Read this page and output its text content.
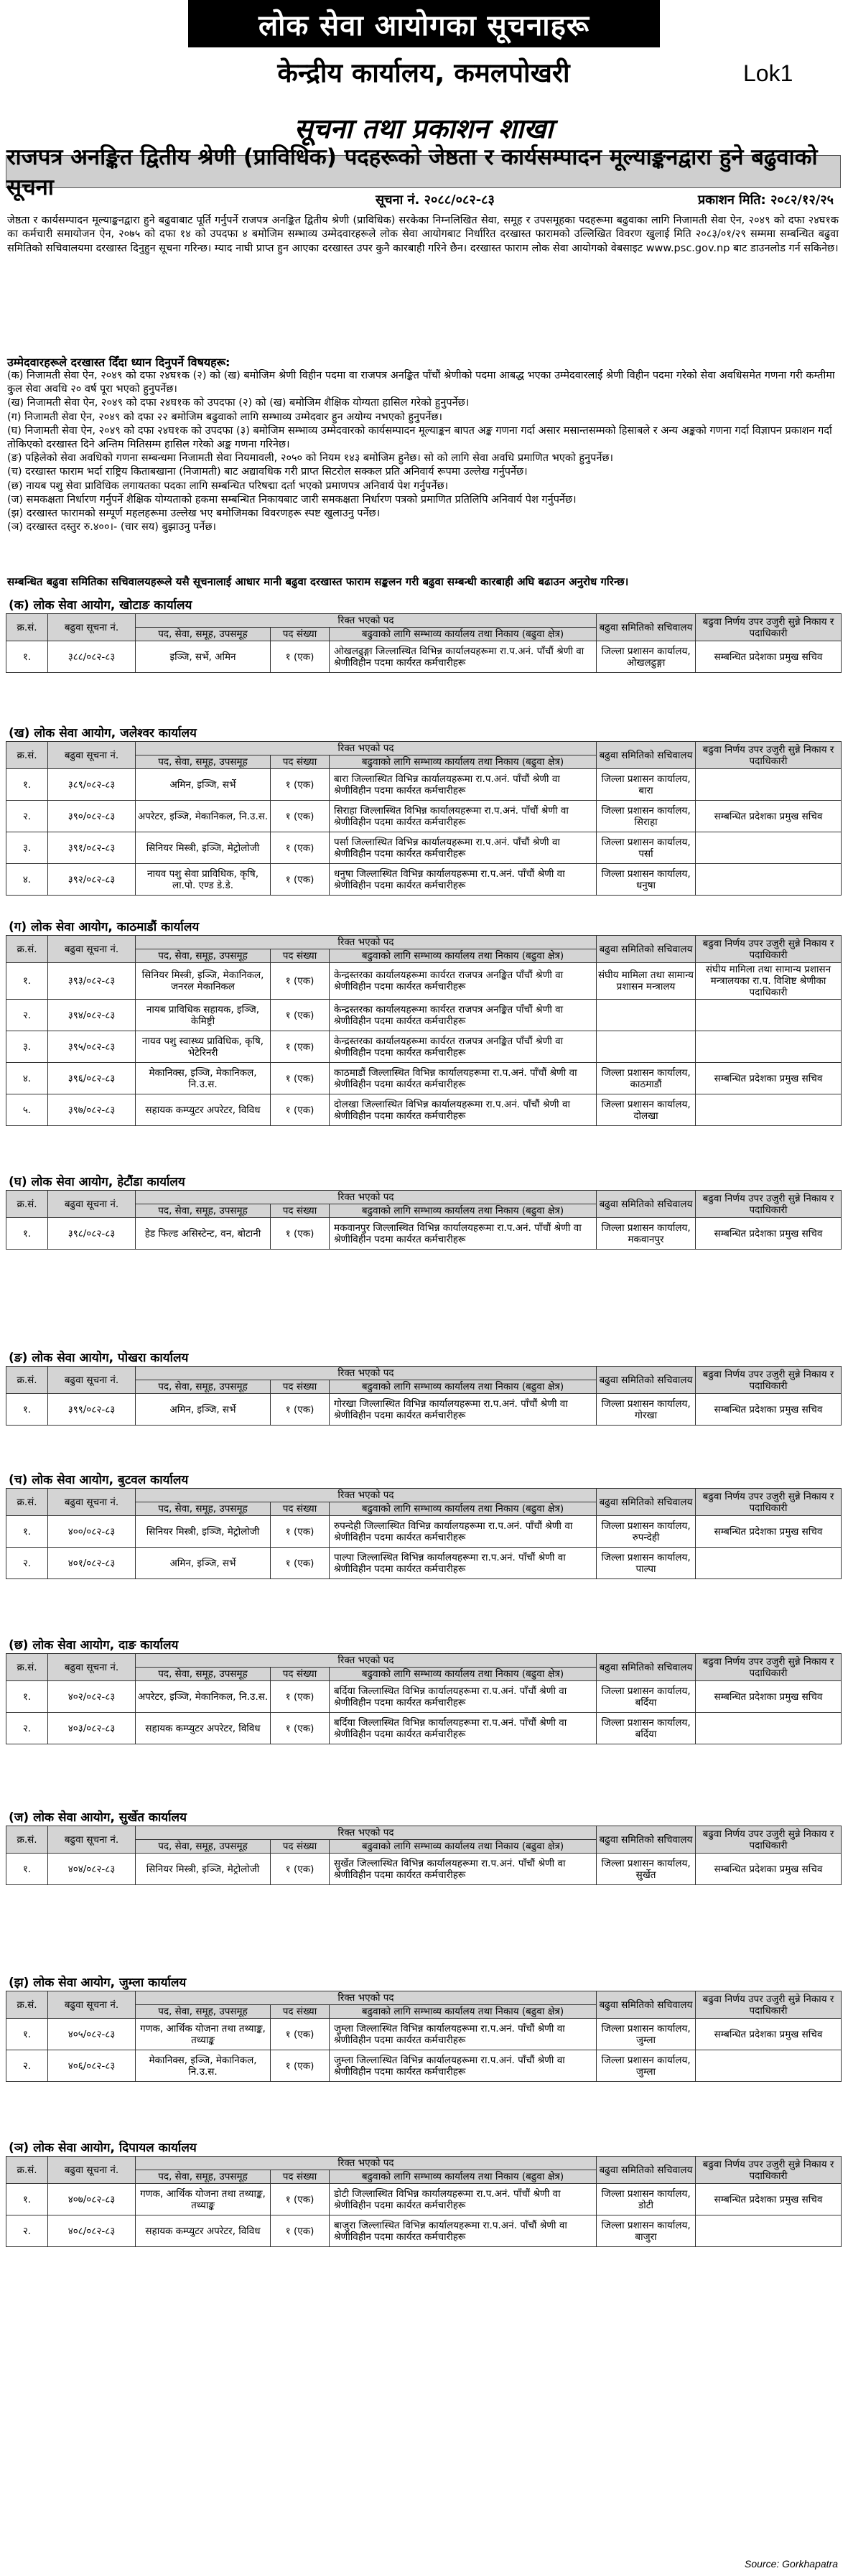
लोक सेवा आयोगका सूचनाहरू
केन्द्रीय कार्यालय, कमलपोखरी	Lok1
सूचना तथा प्रकाशन शाखा
राजपत्र अनङ्कित द्वितीय श्रेणी (प्राविधिक) पदहरूको जेष्ठता र कार्यसम्पादन मूल्याङ्कनद्वारा हुने बढुवाको सूचना	सूचना नं. २०८८/०८२-८३	प्रकाशन मिति: २०८२/१२/२५
जेष्ठता र कार्यसम्पादन मूल्याङ्कनद्वारा हुने बढुवाबाट पूर्ति गर्नुपर्ने राजपत्र अनङ्कित द्वितीय श्रेणी (प्राविधिक) सरकेका निम्नलिखित सेवा, समूह र उपसमूहका पदहरूमा बढुवाका लागि निजामती सेवा ऐन, २०४९ को दफा २४घ१क का कर्मचारी समायोजन ऐन, २०७५ को दफा १४ को उपदफा ४ बमोजिम सम्भाव्य उम्मेदवारहरूले लोक सेवा आयोगबाट निर्धारित दरखास्त फारामको उल्लिखित विवरण खुलाई मिति २०८३/०१/२९ सम्ममा सम्बन्धित बढुवा समितिको सचिवालयमा दरखास्त दिनुहुन सूचना गरिन्छ। म्याद नाघी प्राप्त हुन आएका दरखास्त उपर कुनै कारबाही गरिने छैन। दरखास्त फाराम लोक सेवा आयोगको वेबसाइट www.psc.gov.np बाट डाउनलोड गर्न सकिनेछ।
उम्मेदवारहरूले दरखास्त दिँदा ध्यान दिनुपर्ने विषयहरू:
(क) निजामती सेवा ऐन, २०४९ को दफा २४घ१क (२) को (ख) बमोजिम श्रेणी विहीन पदमा वा राजपत्र अनङ्कित पाँचौं श्रेणीको पदमा आबद्ध भएका उम्मेदवारलाई श्रेणी विहीन पदमा गरेको सेवा अवधिसमेत गणना गरी कम्तीमा कुल सेवा अवधि २० वर्ष पूरा भएको हुनुपर्नेछ।
(ख) निजामती सेवा ऐन, २०४९ को दफा २४घ१क को उपदफा (२) को (ख) बमोजिम शैक्षिक योग्यता हासिल गरेको हुनुपर्नेछ।
(ग) निजामती सेवा ऐन, २०४९ को दफा २२ बमोजिम बढुवाको लागि सम्भाव्य उम्मेदवार हुन अयोग्य नभएको हुनुपर्नेछ।
(घ) निजामती सेवा ऐन, २०४९ को दफा २४घ१क को उपदफा (३) बमोजिम सम्भाव्य उम्मेदवारको कार्यसम्पादन मूल्याङ्कन बापत अङ्क गणना गर्दा असार मसान्तसम्मको हिसाबले र अन्य अङ्कको गणना गर्दा विज्ञापन प्रकाशन गर्दा तोकिएको दरखास्त दिने अन्तिम मितिसम्म हासिल गरेको अङ्क गणना गरिनेछ।
(ङ) पहिलेको सेवा अवधिको गणना सम्बन्धमा निजामती सेवा नियमावली, २०५० को नियम १४३ बमोजिम हुनेछ। सो को लागि सेवा अवधि प्रमाणित भएको हुनुपर्नेछ।
(च) दरखास्त फाराम भर्दा राष्ट्रिय किताबखाना (निजामती) बाट अद्यावधिक गरी प्राप्त सिटरोल सक्कल प्रति अनिवार्य रूपमा उल्लेख गर्नुपर्नेछ।
(छ) नायब पशु सेवा प्राविधिक लगायतका पदका लागि सम्बन्धित परिषद्मा दर्ता भएको प्रमाणपत्र अनिवार्य पेश गर्नुपर्नेछ।
(ज) समकक्षता निर्धारण गर्नुपर्ने शैक्षिक योग्यताको हकमा सम्बन्धित निकायबाट जारी समकक्षता निर्धारण पत्रको प्रमाणित प्रतिलिपि अनिवार्य पेश गर्नुपर्नेछ।
(झ) दरखास्त फारामको सम्पूर्ण महलहरूमा उल्लेख भए बमोजिमका विवरणहरू स्पष्ट खुलाउनु पर्नेछ।
(ञ) दरखास्त दस्तुर रु.४००।- (चार सय) बुझाउनु पर्नेछ।
सम्बन्धित बढुवा समितिका सचिवालयहरूले यसै सूचनालाई आधार मानी बढुवा दरखास्त फाराम सङ्कलन गरी बढुवा सम्बन्धी कारबाही अघि बढाउन अनुरोध गरिन्छ।
(क) लोक सेवा आयोग, खोटाङ कार्यालय
क्र.सं.	बढुवा सूचना नं.	रिक्त भएको पद			बढुवा समितिको सचिवालय	बढुवा निर्णय उपर उजुरी सुन्ने निकाय र पदाधिकारी
		पद, सेवा, समूह, उपसमूह	पद संख्या	बढुवाको लागि सम्भाव्य कार्यालय तथा निकाय (बढुवा क्षेत्र)		
१.	३८८/०८२-८३	इञ्जि, सर्भे, अमिन	१ (एक)	ओखलढुङ्गा जिल्लास्थित विभिन्न कार्यालयहरूमा रा.प.अनं. पाँचौं श्रेणी वा श्रेणीविहीन पदमा कार्यरत कर्मचारीहरू	जिल्ला प्रशासन कार्यालय, ओखलढुङ्गा	सम्बन्धित प्रदेशका प्रमुख सचिव
(ख) लोक सेवा आयोग, जलेश्वर कार्यालय
क्र.सं.	बढुवा सूचना नं.	रिक्त भएको पद			बढुवा समितिको सचिवालय	बढुवा निर्णय उपर उजुरी सुन्ने निकाय र पदाधिकारी
		पद, सेवा, समूह, उपसमूह	पद संख्या	बढुवाको लागि सम्भाव्य कार्यालय तथा निकाय (बढुवा क्षेत्र)		
१.	३८९/०८२-८३	अमिन, इञ्जि, सर्भे	१ (एक)	बारा जिल्लास्थित विभिन्न कार्यालयहरूमा रा.प.अनं. पाँचौं श्रेणी वा श्रेणीविहीन पदमा कार्यरत कर्मचारीहरू	जिल्ला प्रशासन कार्यालय, बारा	
२.	३९०/०८२-८३	अपरेटर, इञ्जि, मेकानिकल, नि.उ.स.	१ (एक)	सिराहा जिल्लास्थित विभिन्न कार्यालयहरूमा रा.प.अनं. पाँचौं श्रेणी वा श्रेणीविहीन पदमा कार्यरत कर्मचारीहरू	जिल्ला प्रशासन कार्यालय, सिराहा	सम्बन्धित प्रदेशका प्रमुख सचिव
३.	३९१/०८२-८३	सिनियर मिस्त्री, इञ्जि, मेट्रोलोजी	१ (एक)	पर्सा जिल्लास्थित विभिन्न कार्यालयहरूमा रा.प.अनं. पाँचौं श्रेणी वा श्रेणीविहीन पदमा कार्यरत कर्मचारीहरू	जिल्ला प्रशासन कार्यालय, पर्सा	
४.	३९२/०८२-८३	नायव पशु सेवा प्राविधिक, कृषि, ला.पो. एण्ड डे.डे.	१ (एक)	धनुषा जिल्लास्थित विभिन्न कार्यालयहरूमा रा.प.अनं. पाँचौं श्रेणी वा श्रेणीविहीन पदमा कार्यरत कर्मचारीहरू	जिल्ला प्रशासन कार्यालय, धनुषा	
(ग) लोक सेवा आयोग, काठमाडौं कार्यालय
क्र.सं.	बढुवा सूचना नं.	रिक्त भएको पद			बढुवा समितिको सचिवालय	बढुवा निर्णय उपर उजुरी सुन्ने निकाय र पदाधिकारी
		पद, सेवा, समूह, उपसमूह	पद संख्या	बढुवाको लागि सम्भाव्य कार्यालय तथा निकाय (बढुवा क्षेत्र)		
१.	३९३/०८२-८३	सिनियर मिस्त्री, इञ्जि, मेकानिकल, जनरल मेकानिकल	१ (एक)	केन्द्रस्तरका कार्यालयहरूमा कार्यरत राजपत्र अनङ्कित पाँचौं श्रेणी वा श्रेणीविहीन पदमा कार्यरत कर्मचारीहरू	संघीय मामिला तथा सामान्य प्रशासन मन्त्रालय	संघीय मामिला तथा सामान्य प्रशासन मन्त्रालयका रा.प. विशिष्ट श्रेणीका पदाधिकारी
२.	३९४/०८२-८३	नायब प्राविधिक सहायक, इञ्जि, केमिष्ट्री	१ (एक)	केन्द्रस्तरका कार्यालयहरूमा कार्यरत राजपत्र अनङ्कित पाँचौं श्रेणी वा श्रेणीविहीन पदमा कार्यरत कर्मचारीहरू		
३.	३९५/०८२-८३	नायव पशु स्वास्थ्य प्राविधिक, कृषि, भेटेरिनरी	१ (एक)	केन्द्रस्तरका कार्यालयहरूमा कार्यरत राजपत्र अनङ्कित पाँचौं श्रेणी वा श्रेणीविहीन पदमा कार्यरत कर्मचारीहरू		
४.	३९६/०८२-८३	मेकानिक्स, इञ्जि, मेकानिकल, नि.उ.स.	१ (एक)	काठमाडौं जिल्लास्थित विभिन्न कार्यालयहरूमा रा.प.अनं. पाँचौं श्रेणी वा श्रेणीविहीन पदमा कार्यरत कर्मचारीहरू	जिल्ला प्रशासन कार्यालय, काठमाडौं	सम्बन्धित प्रदेशका प्रमुख सचिव
५.	३९७/०८२-८३	सहायक कम्प्युटर अपरेटर, विविध	१ (एक)	दोलखा जिल्लास्थित विभिन्न कार्यालयहरूमा रा.प.अनं. पाँचौं श्रेणी वा श्रेणीविहीन पदमा कार्यरत कर्मचारीहरू	जिल्ला प्रशासन कार्यालय, दोलखा	
(घ) लोक सेवा आयोग, हेटौंडा कार्यालय
क्र.सं.	बढुवा सूचना नं.	रिक्त भएको पद			बढुवा समितिको सचिवालय	बढुवा निर्णय उपर उजुरी सुन्ने निकाय र पदाधिकारी
		पद, सेवा, समूह, उपसमूह	पद संख्या	बढुवाको लागि सम्भाव्य कार्यालय तथा निकाय (बढुवा क्षेत्र)		
१.	३९८/०८२-८३	हेड फिल्ड असिस्टेन्ट, वन, बोटानी	१ (एक)	मकवानपुर जिल्लास्थित विभिन्न कार्यालयहरूमा रा.प.अनं. पाँचौं श्रेणी वा श्रेणीविहीन पदमा कार्यरत कर्मचारीहरू	जिल्ला प्रशासन कार्यालय, मकवानपुर	सम्बन्धित प्रदेशका प्रमुख सचिव
(ङ) लोक सेवा आयोग, पोखरा कार्यालय
क्र.सं.	बढुवा सूचना नं.	रिक्त भएको पद			बढुवा समितिको सचिवालय	बढुवा निर्णय उपर उजुरी सुन्ने निकाय र पदाधिकारी
		पद, सेवा, समूह, उपसमूह	पद संख्या	बढुवाको लागि सम्भाव्य कार्यालय तथा निकाय (बढुवा क्षेत्र)		
१.	३९९/०८२-८३	अमिन, इञ्जि, सर्भे	१ (एक)	गोरखा जिल्लास्थित विभिन्न कार्यालयहरूमा रा.प.अनं. पाँचौं श्रेणी वा श्रेणीविहीन पदमा कार्यरत कर्मचारीहरू	जिल्ला प्रशासन कार्यालय, गोरखा	सम्बन्धित प्रदेशका प्रमुख सचिव
(च) लोक सेवा आयोग, बुटवल कार्यालय
क्र.सं.	बढुवा सूचना नं.	रिक्त भएको पद			बढुवा समितिको सचिवालय	बढुवा निर्णय उपर उजुरी सुन्ने निकाय र पदाधिकारी
		पद, सेवा, समूह, उपसमूह	पद संख्या	बढुवाको लागि सम्भाव्य कार्यालय तथा निकाय (बढुवा क्षेत्र)		
१.	४००/०८२-८३	सिनियर मिस्त्री, इञ्जि, मेट्रोलोजी	१ (एक)	रुपन्देही जिल्लास्थित विभिन्न कार्यालयहरूमा रा.प.अनं. पाँचौं श्रेणी वा श्रेणीविहीन पदमा कार्यरत कर्मचारीहरू	जिल्ला प्रशासन कार्यालय, रुपन्देही	सम्बन्धित प्रदेशका प्रमुख सचिव
२.	४०१/०८२-८३	अमिन, इञ्जि, सर्भे	१ (एक)	पाल्पा जिल्लास्थित विभिन्न कार्यालयहरूमा रा.प.अनं. पाँचौं श्रेणी वा श्रेणीविहीन पदमा कार्यरत कर्मचारीहरू	जिल्ला प्रशासन कार्यालय, पाल्पा	
(छ) लोक सेवा आयोग, दाङ कार्यालय
क्र.सं.	बढुवा सूचना नं.	रिक्त भएको पद			बढुवा समितिको सचिवालय	बढुवा निर्णय उपर उजुरी सुन्ने निकाय र पदाधिकारी
		पद, सेवा, समूह, उपसमूह	पद संख्या	बढुवाको लागि सम्भाव्य कार्यालय तथा निकाय (बढुवा क्षेत्र)		
१.	४०२/०८२-८३	अपरेटर, इञ्जि, मेकानिकल, नि.उ.स.	१ (एक)	बर्दिया जिल्लास्थित विभिन्न कार्यालयहरूमा रा.प.अनं. पाँचौं श्रेणी वा श्रेणीविहीन पदमा कार्यरत कर्मचारीहरू	जिल्ला प्रशासन कार्यालय, बर्दिया	सम्बन्धित प्रदेशका प्रमुख सचिव
२.	४०३/०८२-८३	सहायक कम्प्युटर अपरेटर, विविध	१ (एक)	बर्दिया जिल्लास्थित विभिन्न कार्यालयहरूमा रा.प.अनं. पाँचौं श्रेणी वा श्रेणीविहीन पदमा कार्यरत कर्मचारीहरू	जिल्ला प्रशासन कार्यालय, बर्दिया	
(ज) लोक सेवा आयोग, सुर्खेत कार्यालय
क्र.सं.	बढुवा सूचना नं.	रिक्त भएको पद			बढुवा समितिको सचिवालय	बढुवा निर्णय उपर उजुरी सुन्ने निकाय र पदाधिकारी
		पद, सेवा, समूह, उपसमूह	पद संख्या	बढुवाको लागि सम्भाव्य कार्यालय तथा निकाय (बढुवा क्षेत्र)		
१.	४०४/०८२-८३	सिनियर मिस्त्री, इञ्जि, मेट्रोलोजी	१ (एक)	सुर्खेत जिल्लास्थित विभिन्न कार्यालयहरूमा रा.प.अनं. पाँचौं श्रेणी वा श्रेणीविहीन पदमा कार्यरत कर्मचारीहरू	जिल्ला प्रशासन कार्यालय, सुर्खेत	सम्बन्धित प्रदेशका प्रमुख सचिव
(झ) लोक सेवा आयोग, जुम्ला कार्यालय
क्र.सं.	बढुवा सूचना नं.	रिक्त भएको पद			बढुवा समितिको सचिवालय	बढुवा निर्णय उपर उजुरी सुन्ने निकाय र पदाधिकारी
		पद, सेवा, समूह, उपसमूह	पद संख्या	बढुवाको लागि सम्भाव्य कार्यालय तथा निकाय (बढुवा क्षेत्र)		
१.	४०५/०८२-८३	गणक, आर्थिक योजना तथा तथ्याङ्क, तथ्याङ्क	१ (एक)	जुम्ला जिल्लास्थित विभिन्न कार्यालयहरूमा रा.प.अनं. पाँचौं श्रेणी वा श्रेणीविहीन पदमा कार्यरत कर्मचारीहरू	जिल्ला प्रशासन कार्यालय, जुम्ला	सम्बन्धित प्रदेशका प्रमुख सचिव
२.	४०६/०८२-८३	मेकानिक्स, इञ्जि, मेकानिकल, नि.उ.स.	१ (एक)	जुम्ला जिल्लास्थित विभिन्न कार्यालयहरूमा रा.प.अनं. पाँचौं श्रेणी वा श्रेणीविहीन पदमा कार्यरत कर्मचारीहरू	जिल्ला प्रशासन कार्यालय, जुम्ला	
(ञ) लोक सेवा आयोग, दिपायल कार्यालय
क्र.सं.	बढुवा सूचना नं.	रिक्त भएको पद			बढुवा समितिको सचिवालय	बढुवा निर्णय उपर उजुरी सुन्ने निकाय र पदाधिकारी
		पद, सेवा, समूह, उपसमूह	पद संख्या	बढुवाको लागि सम्भाव्य कार्यालय तथा निकाय (बढुवा क्षेत्र)		
१.	४०७/०८२-८३	गणक, आर्थिक योजना तथा तथ्याङ्क, तथ्याङ्क	१ (एक)	डोटी जिल्लास्थित विभिन्न कार्यालयहरूमा रा.प.अनं. पाँचौं श्रेणी वा श्रेणीविहीन पदमा कार्यरत कर्मचारीहरू	जिल्ला प्रशासन कार्यालय, डोटी	सम्बन्धित प्रदेशका प्रमुख सचिव
२.	४०८/०८२-८३	सहायक कम्प्युटर अपरेटर, विविध	१ (एक)	बाजुरा जिल्लास्थित विभिन्न कार्यालयहरूमा रा.प.अनं. पाँचौं श्रेणी वा श्रेणीविहीन पदमा कार्यरत कर्मचारीहरू	जिल्ला प्रशासन कार्यालय, बाजुरा	
Source: Gorkhapatra
